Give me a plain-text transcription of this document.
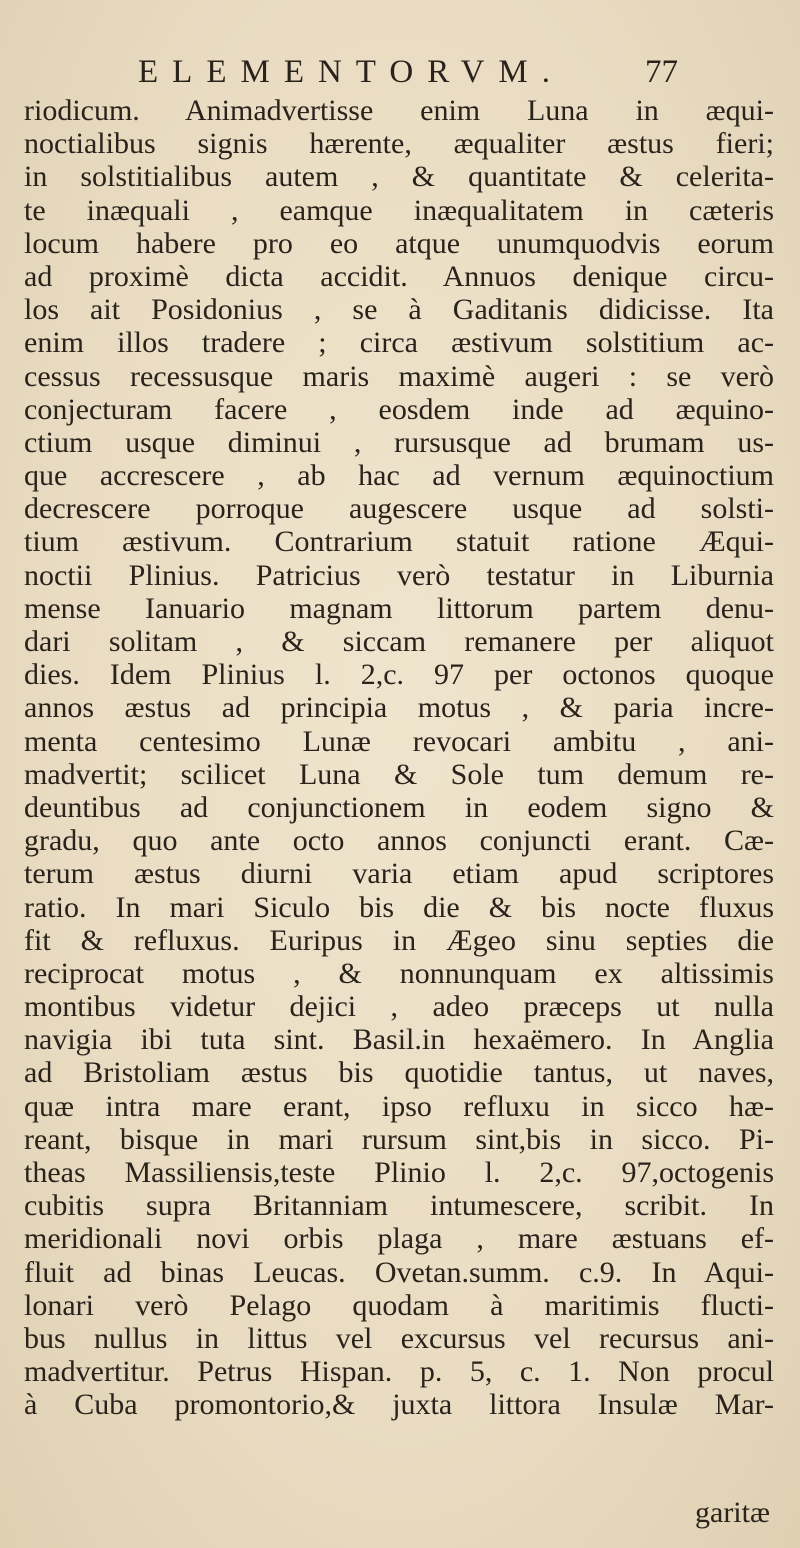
ELEMENTORVM. 77
riodicum. Animadvertisse enim Luna in æqui-
noctialibus signis hærente, æqualiter æstus fieri;
in solstitialibus autem , & quantitate & celerita-
te inæquali , eamque inæqualitatem in cæteris
locum habere pro eo atque unumquodvis eorum
ad proximè dicta accidit. Annuos denique circu-
los ait Posidonius , se à Gaditanis didicisse. Ita
enim illos tradere ; circa æstivum solstitium ac-
cessus recessusque maris maximè augeri : se verò
conjecturam facere , eosdem inde ad æquino-
ctium usque diminui , rursusque ad brumam us-
que accrescere , ab hac ad vernum æquinoctium
decrescere porroque augescere usque ad solsti-
tium æstivum. Contrarium statuit ratione Æqui-
noctii Plinius. Patricius verò testatur in Liburnia
mense Ianuario magnam littorum partem denu-
dari solitam , & siccam remanere per aliquot
dies. Idem Plinius l. 2,c. 97 per octonos quoque
annos æstus ad principia motus , & paria incre-
menta centesimo Lunæ revocari ambitu , ani-
madvertit; scilicet Luna & Sole tum demum re-
deuntibus ad conjunctionem in eodem signo &
gradu, quo ante octo annos conjuncti erant. Cæ-
terum æstus diurni varia etiam apud scriptores
ratio. In mari Siculo bis die & bis nocte fluxus
fit & refluxus. Euripus in Ægeo sinu septies die
reciprocat motus , & nonnunquam ex altissimis
montibus videtur dejici , adeo præceps ut nulla
navigia ibi tuta sint. Basil.in hexaëmero. In Anglia
ad Bristoliam æstus bis quotidie tantus, ut naves,
quæ intra mare erant, ipso refluxu in sicco hæ-
reant, bisque in mari rursum sint,bis in sicco. Pi-
theas Massiliensis,teste Plinio l. 2,c. 97,octogenis
cubitis supra Britanniam intumescere, scribit. In
meridionali novi orbis plaga , mare æstuans ef-
fluit ad binas Leucas. Ovetan.summ. c.9. In Aqui-
lonari verò Pelago quodam à maritimis flucti-
bus nullus in littus vel excursus vel recursus ani-
madvertitur. Petrus Hispan. p. 5, c. 1. Non procul
à Cuba promontorio,& juxta littora Insulæ Mar-
garitæ
